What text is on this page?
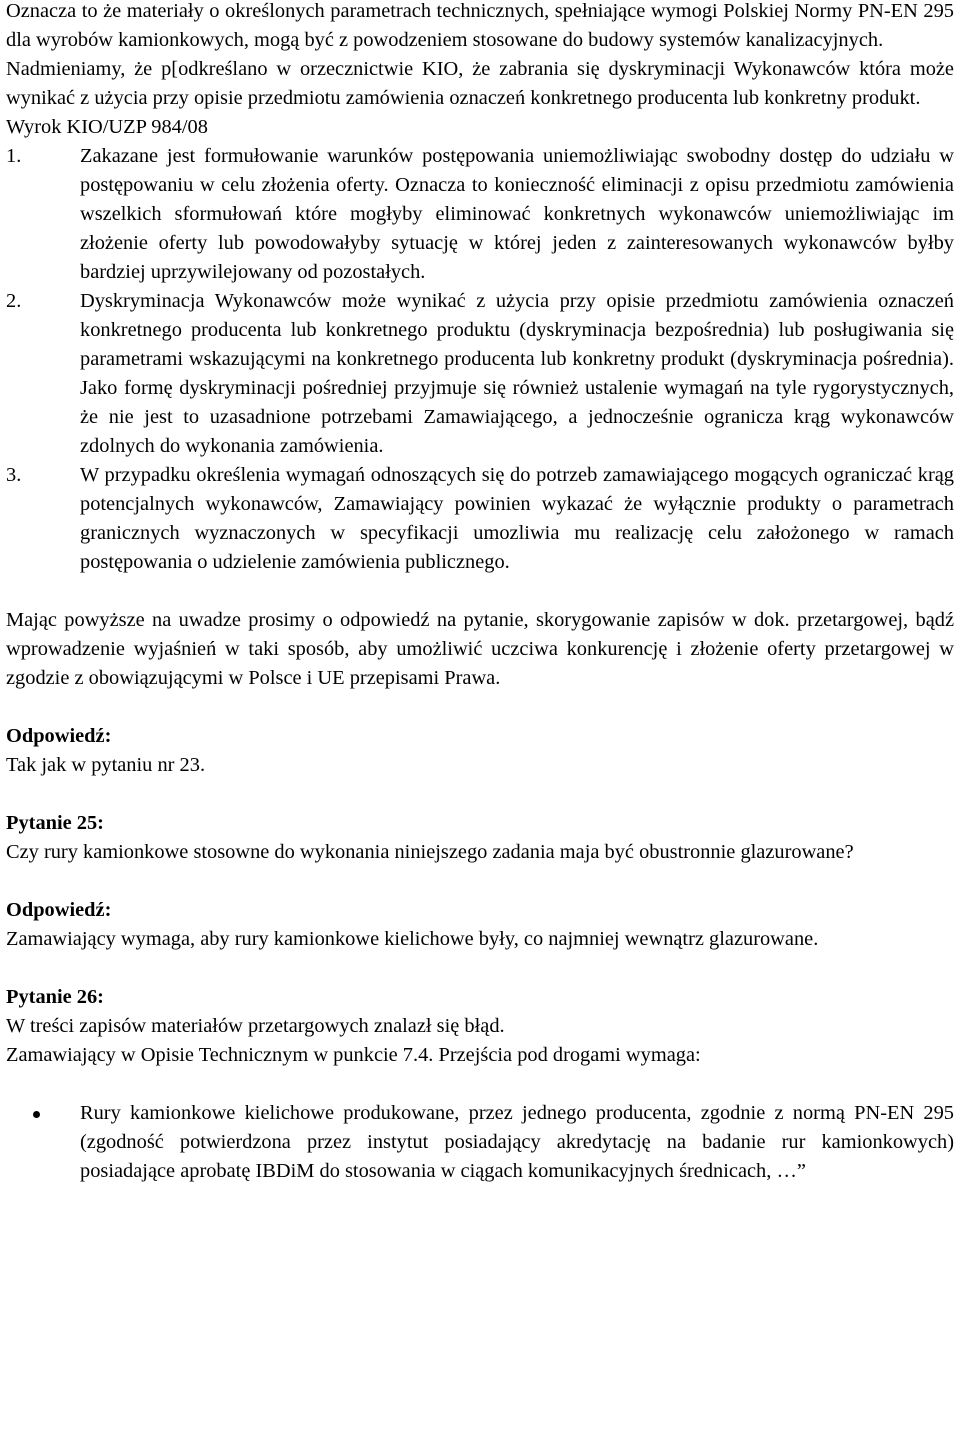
Oznacza to że materiały o określonych parametrach technicznych, spełniające wymogi Polskiej Normy PN-EN 295 dla wyrobów kamionkowych, mogą być z powodzeniem stosowane do budowy systemów kanalizacyjnych.

Nadmieniamy, że p[odkreślano w orzecznictwie KIO, że zabrania się dyskryminacji Wykonawców która może wynikać z użycia przy opisie przedmiotu zamówienia oznaczeń konkretnego producenta lub konkretny produkt.

Wyrok KIO/UZP 984/08

1.	Zakazane jest formułowanie warunków postępowania uniemożliwiając swobodny dostęp do udziału w postępowaniu w celu złożenia oferty. Oznacza to konieczność eliminacji z opisu przedmiotu zamówienia wszelkich sformułowań które mogłyby eliminować konkretnych wykonawców uniemożliwiając im złożenie oferty lub powodowałyby sytuację w której jeden z zainteresowanych wykonawców byłby bardziej uprzywilejowany od pozostałych.
2.	Dyskryminacja Wykonawców może wynikać z użycia przy opisie przedmiotu zamówienia oznaczeń konkretnego producenta lub konkretnego produktu (dyskryminacja bezpośrednia) lub posługiwania się parametrami wskazującymi na konkretnego producenta lub konkretny produkt (dyskryminacja pośrednia). Jako formę dyskryminacji pośredniej przyjmuje się również ustalenie wymagań na tyle rygorystycznych, że nie jest to uzasadnione potrzebami Zamawiającego, a jednocześnie ogranicza krąg wykonawców zdolnych do wykonania zamówienia.
3.	W przypadku określenia wymagań odnoszących się do potrzeb zamawiającego mogących ograniczać krąg potencjalnych wykonawców, Zamawiający powinien wykazać że wyłącznie produkty o parametrach granicznych wyznaczonych w specyfikacji umozliwia mu realizację celu założonego w ramach postępowania o udzielenie zamówienia publicznego.

Mając powyższe na uwadze prosimy o odpowiedź na pytanie, skorygowanie zapisów w dok. przetargowej, bądź wprowadzenie wyjaśnień w taki sposób, aby umożliwić uczciwa konkurencję i złożenie oferty przetargowej w zgodzie z obowiązującymi w Polsce i UE przepisami Prawa.

Odpowiedź:

Tak jak w pytaniu nr 23.

Pytanie 25:

Czy rury kamionkowe stosowne do wykonania niniejszego zadania maja być obustronnie glazurowane?

Odpowiedź:

Zamawiający wymaga, aby rury kamionkowe kielichowe były, co najmniej wewnątrz glazurowane.

Pytanie 26:

W treści zapisów materiałów przetargowych znalazł się błąd.

Zamawiający w Opisie Technicznym w punkcie 7.4. Przejścia pod drogami wymaga:

Rury kamionkowe kielichowe produkowane, przez jednego producenta, zgodnie z normą PN-EN 295 (zgodność potwierdzona przez instytut posiadający akredytację na badanie rur kamionkowych) posiadające aprobatę IBDiM do stosowania w ciągach komunikacyjnych średnicach, …”
